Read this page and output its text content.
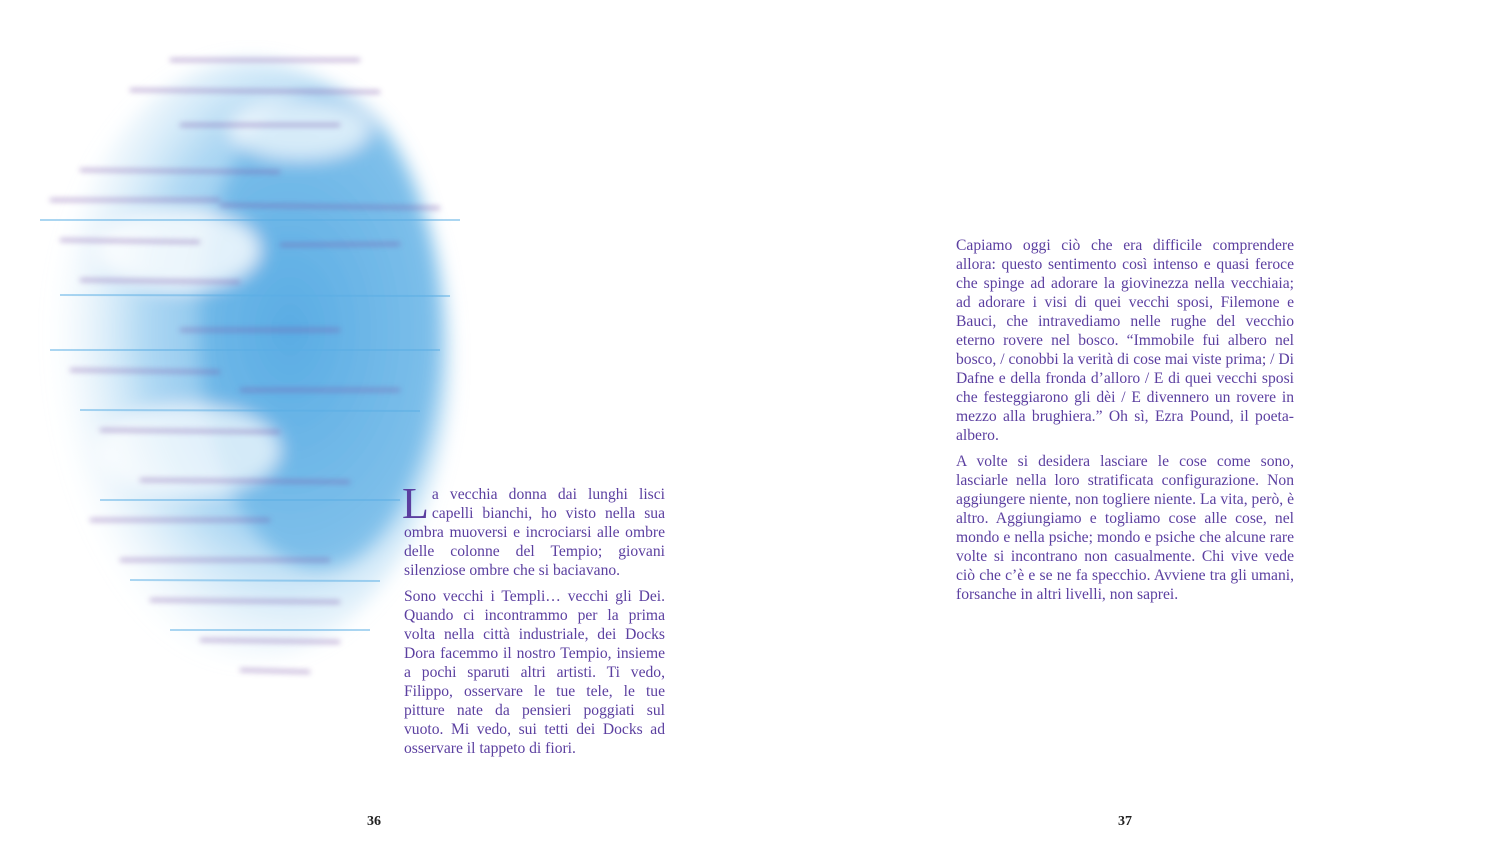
La vecchia donna dai lunghi lisci capelli bianchi, ho visto nella sua ombra muoversi e incrociarsi alle ombre delle colonne del Tempio; giovani silenziose ombre che si baciavano.

Sono vecchi i Templi… vecchi gli Dei. Quando ci incontrammo per la prima volta nella città industriale, dei Docks Dora facemmo il nostro Tempio, insieme a pochi sparuti altri artisti. Ti vedo, Filippo, osservare le tue tele, le tue pitture nate da pensieri poggiati sul vuoto. Mi vedo, sui tetti dei Docks ad osservare il tappeto di fiori.

36

Capiamo oggi ciò che era difficile comprendere allora: questo sentimento così intenso e quasi feroce che spinge ad adorare la giovinezza nella vecchiaia; ad adorare i visi di quei vecchi sposi, Filemone e Bauci, che intravediamo nelle rughe del vecchio eterno rovere nel bosco. “Immobile fui albero nel bosco, / conobbi la verità di cose mai viste prima; / Di Dafne e della fronda d’alloro / E di quei vecchi sposi che festeggiarono gli dèi / E divennero un rovere in mezzo alla brughiera.” Oh sì, Ezra Pound, il poeta-albero.

A volte si desidera lasciare le cose come sono, lasciarle nella loro stratificata configurazione. Non aggiungere niente, non togliere niente. La vita, però, è altro. Aggiungiamo e togliamo cose alle cose, nel mondo e nella psiche; mondo e psiche che alcune rare volte si incontrano non casualmente. Chi vive vede ciò che c’è e se ne fa specchio. Avviene tra gli umani, forsanche in altri livelli, non saprei.

37
